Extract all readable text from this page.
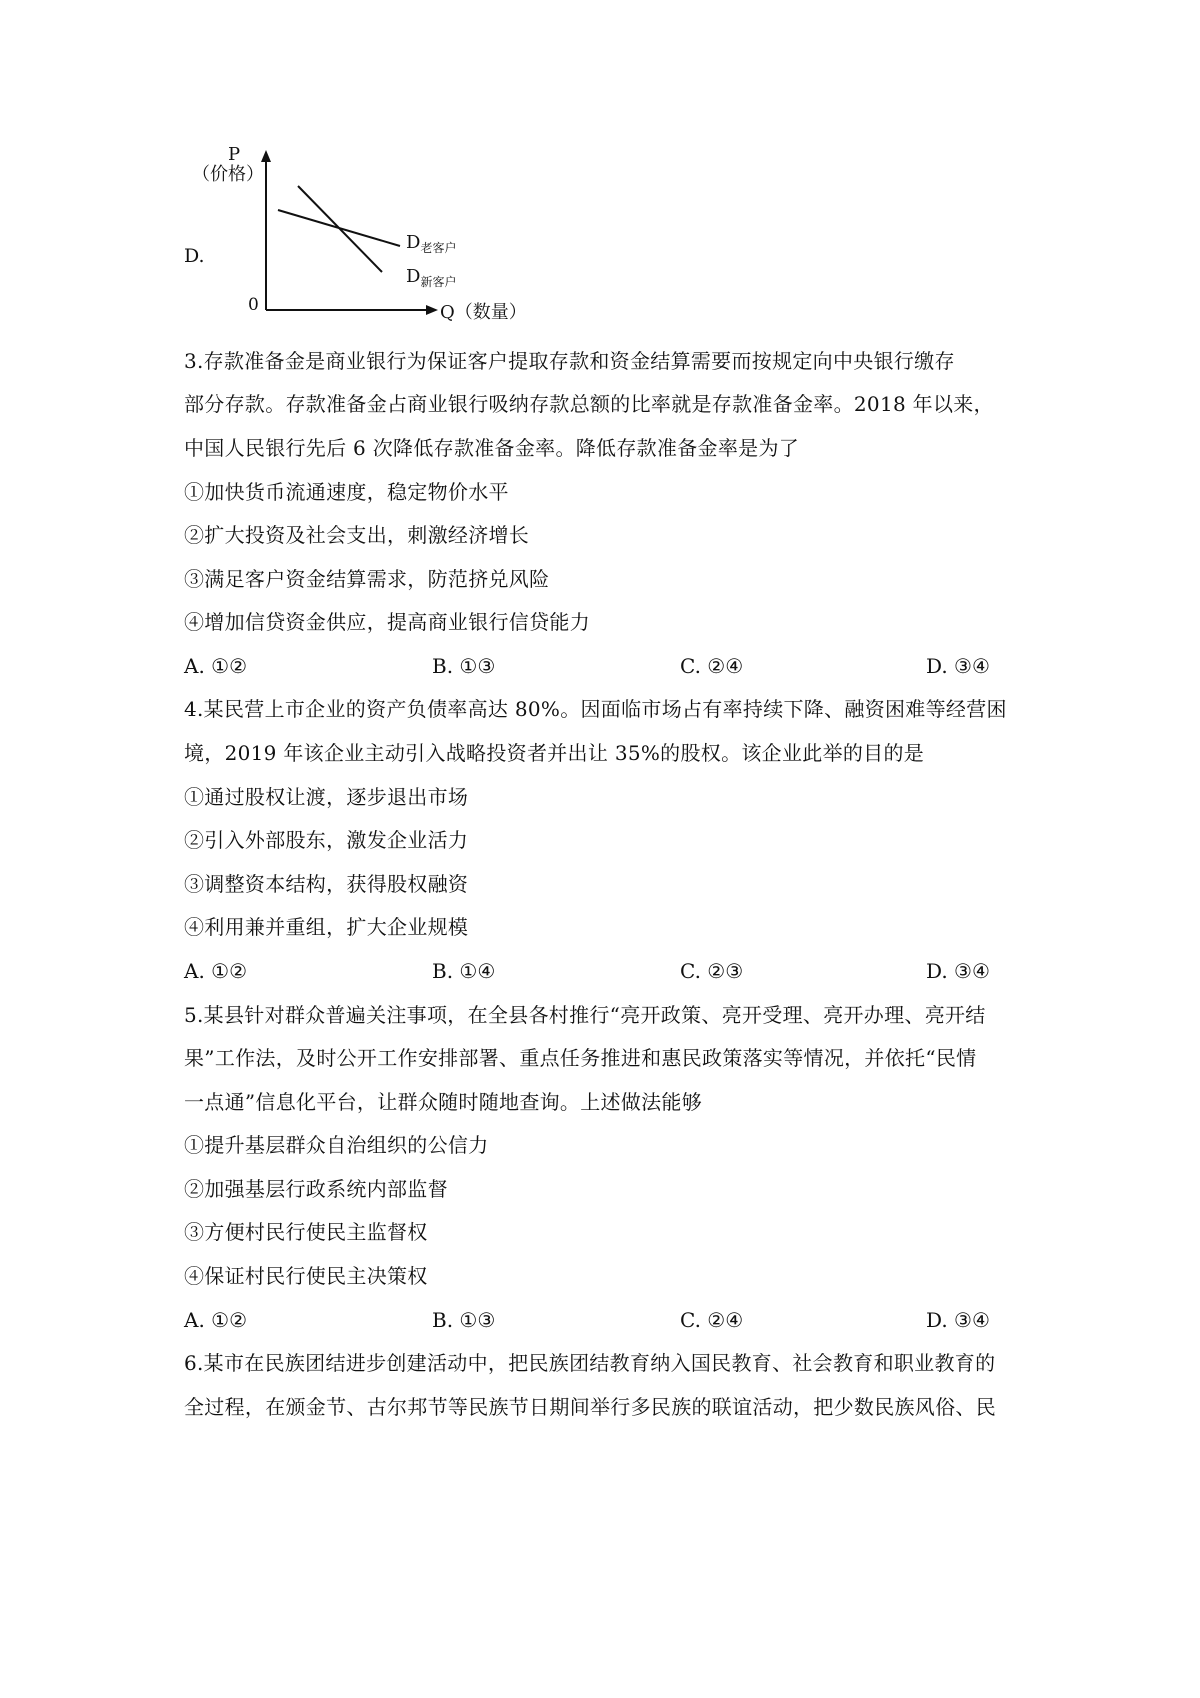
D.
P
（价格）
0	Q（数量）
$D_{老客户}$
$D_{新客户}$
3.存款准备金是商业银行为保证客户提取存款和资金结算需要而按规定向中央银行缴存
部分存款。存款准备金占商业银行吸纳存款总额的比率就是存款准备金率。2018 年以来，
中国人民银行先后 6 次降低存款准备金率。降低存款准备金率是为了
①加快货币流通速度，稳定物价水平
②扩大投资及社会支出，刺激经济增长
③满足客户资金结算需求，防范挤兑风险
④增加信贷资金供应，提高商业银行信贷能力
A. ①②	B. ①③	C. ②④	D. ③④
4.某民营上市企业的资产负债率高达 80%。因面临市场占有率持续下降、融资困难等经营困
境，2019 年该企业主动引入战略投资者并出让 35%的股权。该企业此举的目的是
①通过股权让渡，逐步退出市场
②引入外部股东，激发企业活力
③调整资本结构，获得股权融资
④利用兼并重组，扩大企业规模
A. ①②	B. ①④	C. ②③	D. ③④
5.某县针对群众普遍关注事项，在全县各村推行“亮开政策、亮开受理、亮开办理、亮开结
果”工作法，及时公开工作安排部署、重点任务推进和惠民政策落实等情况，并依托“民情
一点通”信息化平台，让群众随时随地查询。上述做法能够
①提升基层群众自治组织的公信力
②加强基层行政系统内部监督
③方便村民行使民主监督权
④保证村民行使民主决策权
A. ①②	B. ①③	C. ②④	D. ③④
6.某市在民族团结进步创建活动中，把民族团结教育纳入国民教育、社会教育和职业教育的
全过程，在颁金节、古尔邦节等民族节日期间举行多民族的联谊活动，把少数民族风俗、民
